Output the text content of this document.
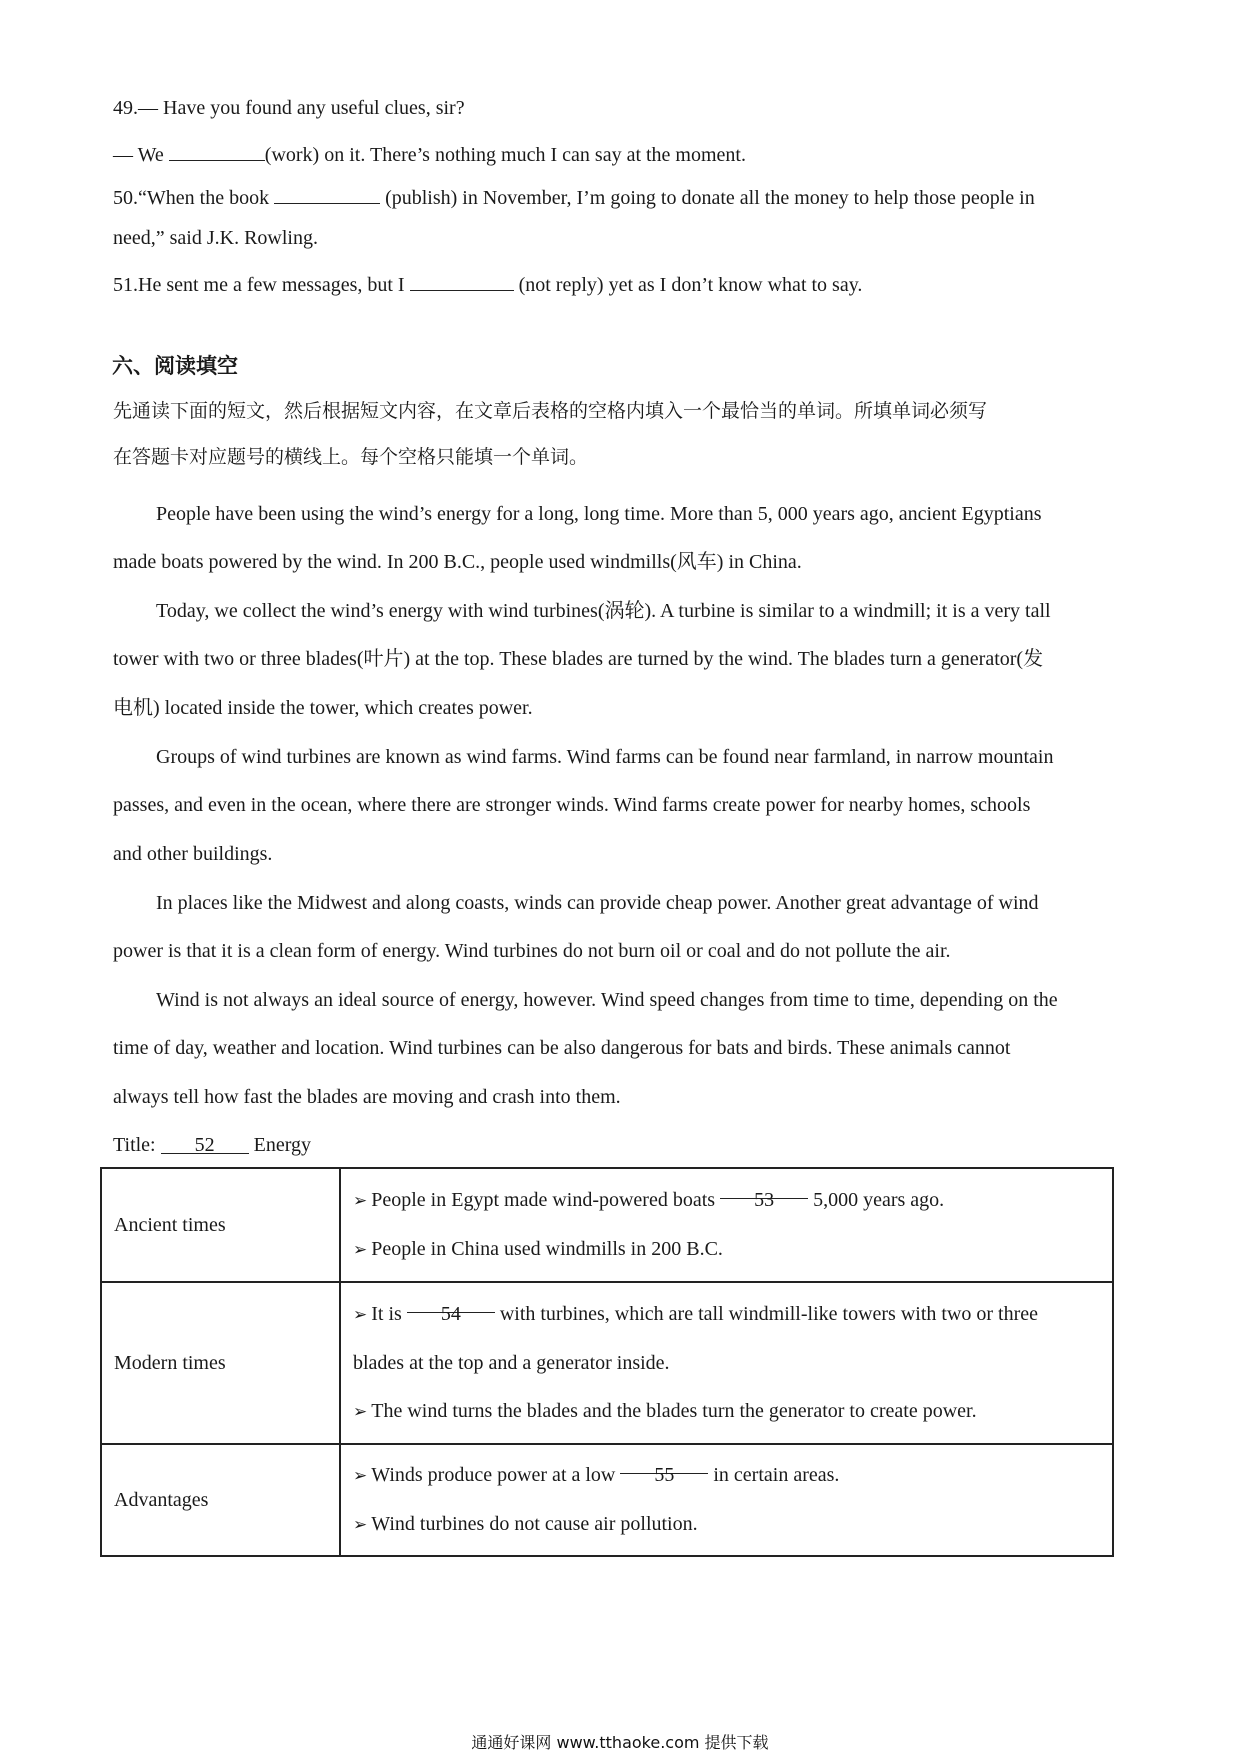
49.— Have you found any useful clues, sir?
— We	(work) on it. There’s nothing much I can say at the moment.
50.“When the book	(publish) in November, I’m going to donate all the money to help those people in
need,” said J.K. Rowling.
51.He sent me a few messages, but I	(not reply) yet as I don’t know what to say.
六、阅读填空
先通读下面的短文，然后根据短文内容，在文章后表格的空格内填入一个最恰当的单词。所填单词必须写
在答题卡对应题号的横线上。每个空格只能填一个单词。
People have been using the wind’s energy for a long, long time. More than 5, 000 years ago, ancient Egyptians
made boats powered by the wind. In 200 B.C., people used windmills(风车) in China.
Today, we collect the wind’s energy with wind turbines(涡轮). A turbine is similar to a windmill; it is a very tall
tower with two or three blades(叶片) at the top. These blades are turned by the wind. The blades turn a generator(发
电机) located inside the tower, which creates power.
Groups of wind turbines are known as wind farms. Wind farms can be found near farmland, in narrow mountain
passes, and even in the ocean, where there are stronger winds. Wind farms create power for nearby homes, schools
and other buildings.
In places like the Midwest and along coasts, winds can provide cheap power. Another great advantage of wind
power is that it is a clean form of energy. Wind turbines do not burn oil or coal and do not pollute the air.
Wind is not always an ideal source of energy, however. Wind speed changes from time to time, depending on the
time of day, weather and location. Wind turbines can be also dangerous for bats and birds. These animals cannot
always tell how fast the blades are moving and crash into them.
Title: 52 Energy
Ancient times	➢ People in Egypt made wind-powered boats 53 5,000 years ago.
➢ People in China used windmills in 200 B.C.

Modern times	➢ It is 54 with turbines, which are tall windmill-like towers with two or three
blades at the top and a generator inside.
➢ The wind turns the blades and the blades turn the generator to create power.

Advantages	➢ Winds produce power at a low 55 in certain areas.
➢ Wind turbines do not cause air pollution.
通通好课网 www.tthaoke.com 提供下载
